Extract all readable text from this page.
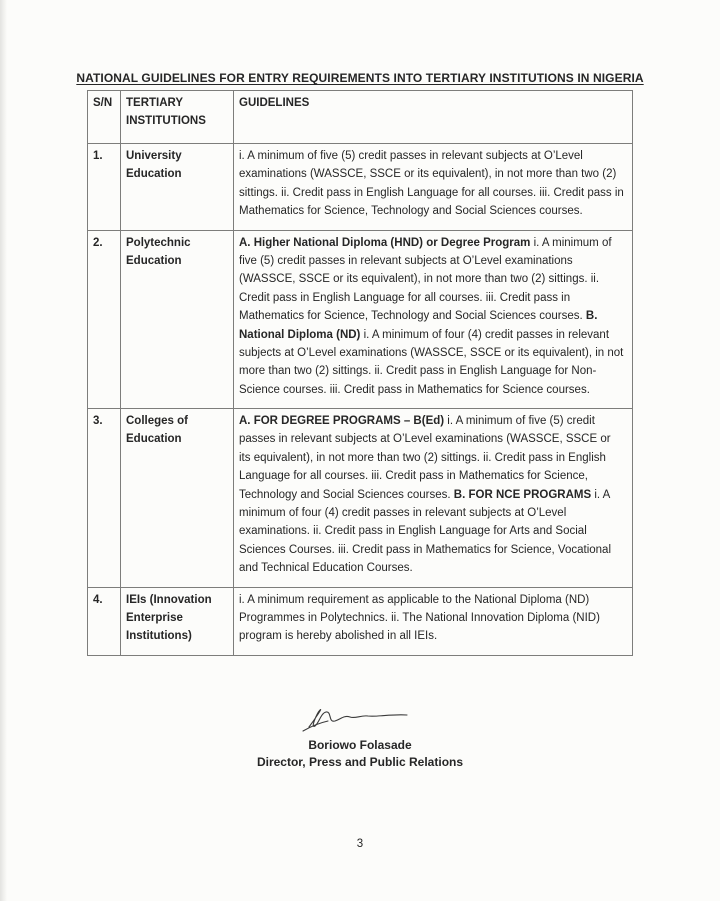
NATIONAL GUIDELINES FOR ENTRY REQUIREMENTS INTO TERTIARY INSTITUTIONS IN NIGERIA
S/N	TERTIARY INSTITUTIONS	GUIDELINES
1.	University Education	i. A minimum of five (5) credit passes in relevant subjects at O’Level examinations (WASSCE, SSCE or its equivalent), in not more than two (2) sittings. ii. Credit pass in English Language for all courses. iii. Credit pass in Mathematics for Science, Technology and Social Sciences courses.
2.	Polytechnic Education	A. Higher National Diploma (HND) or Degree Program i. A minimum of five (5) credit passes in relevant subjects at O’Level examinations (WASSCE, SSCE or its equivalent), in not more than two (2) sittings. ii. Credit pass in English Language for all courses. iii. Credit pass in Mathematics for Science, Technology and Social Sciences courses. B. National Diploma (ND) i. A minimum of four (4) credit passes in relevant subjects at O’Level examinations (WASSCE, SSCE or its equivalent), in not more than two (2) sittings. ii. Credit pass in English Language for Non-Science courses. iii. Credit pass in Mathematics for Science courses.
3.	Colleges of Education	A. FOR DEGREE PROGRAMS – B(Ed) i. A minimum of five (5) credit passes in relevant subjects at O’Level examinations (WASSCE, SSCE or its equivalent), in not more than two (2) sittings. ii. Credit pass in English Language for all courses. iii. Credit pass in Mathematics for Science, Technology and Social Sciences courses. B. FOR NCE PROGRAMS i. A minimum of four (4) credit passes in relevant subjects at O’Level examinations. ii. Credit pass in English Language for Arts and Social Sciences Courses. iii. Credit pass in Mathematics for Science, Vocational and Technical Education Courses.
4.	IEIs (Innovation Enterprise Institutions)	i. A minimum requirement as applicable to the National Diploma (ND) Programmes in Polytechnics. ii. The National Innovation Diploma (NID) program is hereby abolished in all IEIs.
Boriowo Folasade
Director, Press and Public Relations
3
